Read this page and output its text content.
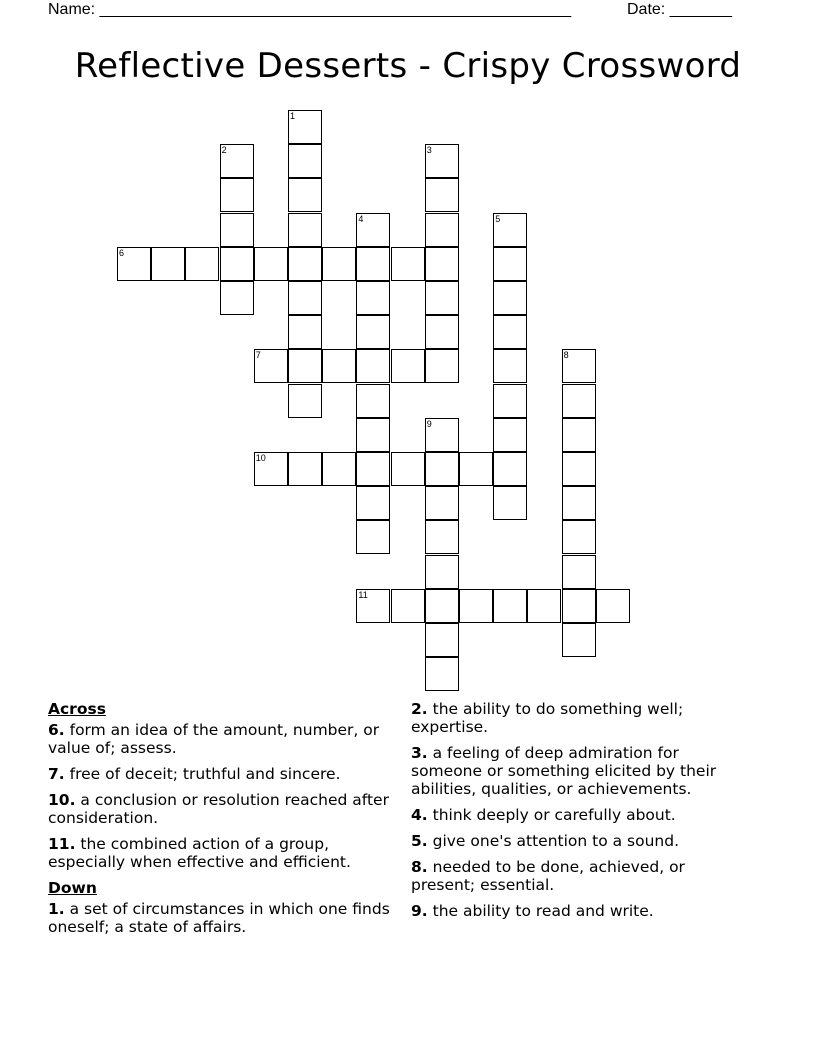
Name: _____________________________________________________	Date: _______
Reflective Desserts - Crispy Crossword
6
7
10
11
1
2	3
4	5
8
9
Across
6. form an idea of the amount, number, or value of; assess.
7. free of deceit; truthful and sincere.
10. a conclusion or resolution reached after consideration.
11. the combined action of a group, especially when effective and efficient.
Down
1. a set of circumstances in which one finds oneself; a state of affairs.
2. the ability to do something well; expertise.
3. a feeling of deep admiration for someone or something elicited by their abilities, qualities, or achievements.
4. think deeply or carefully about.
5. give one's attention to a sound.
8. needed to be done, achieved, or present; essential.
9. the ability to read and write.
